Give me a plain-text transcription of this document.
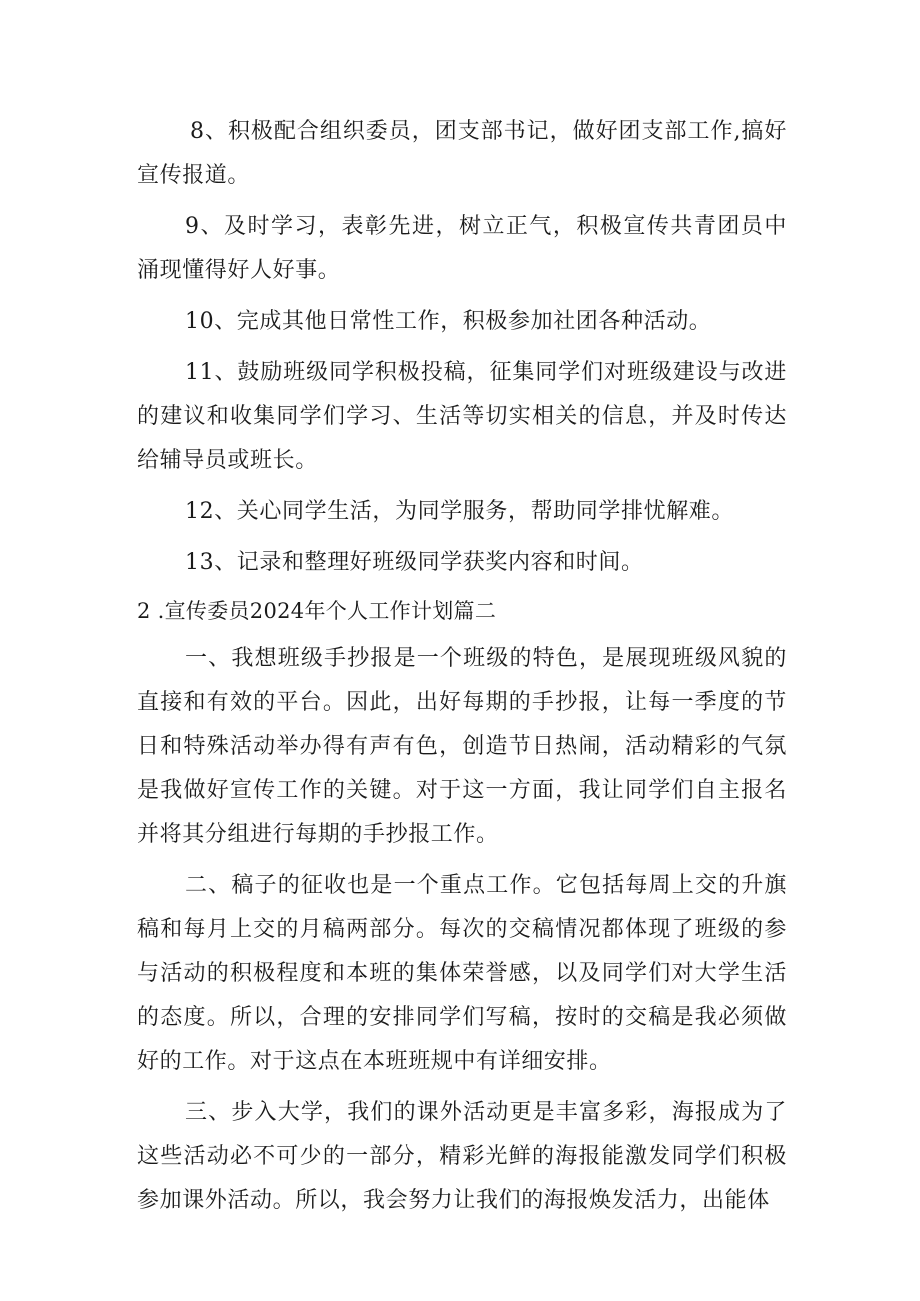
8、积极配合组织委员，团支部书记，做好团支部工作,搞好宣传报道。

9、及时学习，表彰先进，树立正气，积极宣传共青团员中涌现懂得好人好事。

10、完成其他日常性工作，积极参加社团各种活动。

11、鼓励班级同学积极投稿，征集同学们对班级建设与改进的建议和收集同学们学习、生活等切实相关的信息，并及时传达给辅导员或班长。

12、关心同学生活，为同学服务，帮助同学排忧解难。

13、记录和整理好班级同学获奖内容和时间。

2 .宣传委员2024年个人工作计划篇二

一、我想班级手抄报是一个班级的特色，是展现班级风貌的直接和有效的平台。因此，出好每期的手抄报，让每一季度的节日和特殊活动举办得有声有色，创造节日热闹，活动精彩的气氛是我做好宣传工作的关键。对于这一方面，我让同学们自主报名并将其分组进行每期的手抄报工作。

二、稿子的征收也是一个重点工作。它包括每周上交的升旗稿和每月上交的月稿两部分。每次的交稿情况都体现了班级的参与活动的积极程度和本班的集体荣誉感，以及同学们对大学生活的态度。所以，合理的安排同学们写稿，按时的交稿是我必须做好的工作。对于这点在本班班规中有详细安排。

三、步入大学，我们的课外活动更是丰富多彩，海报成为了这些活动必不可少的一部分，精彩光鲜的海报能激发同学们积极参加课外活动。所以，我会努力让我们的海报焕发活力，出能体
